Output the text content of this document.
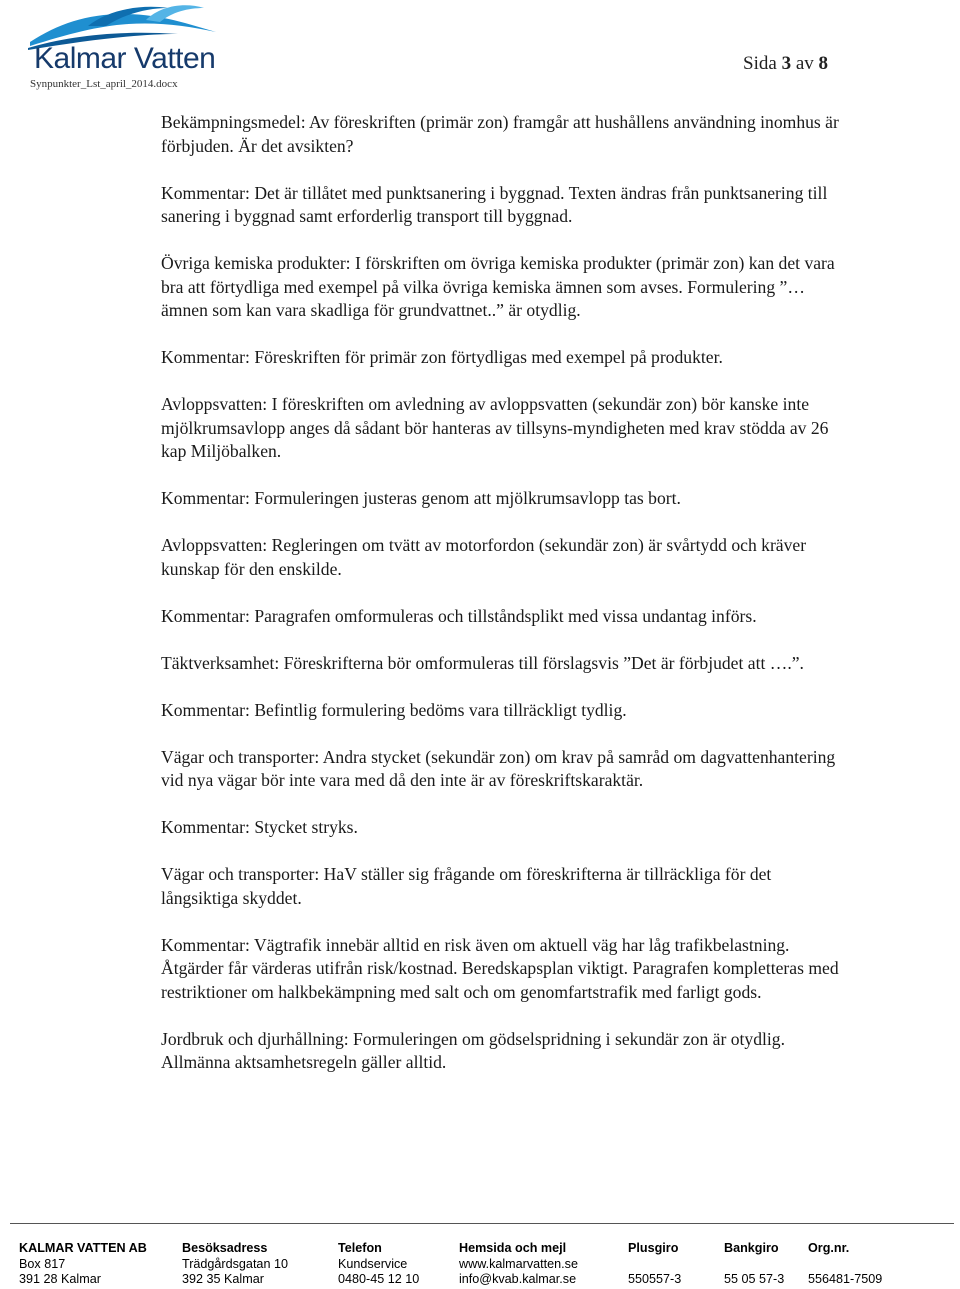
Kalmar Vatten
Synpunkter_Lst_april_2014.docx
Sida 3 av 8

Bekämpningsmedel: Av föreskriften (primär zon) framgår att hushållens användning inomhus är förbjuden. Är det avsikten?

Kommentar: Det är tillåtet med punktsanering i byggnad. Texten ändras från punktsanering till sanering i byggnad samt erforderlig transport till byggnad.

Övriga kemiska produkter: I förskriften om övriga kemiska produkter (primär zon) kan det vara bra att förtydliga med exempel på vilka övriga kemiska ämnen som avses. Formulering ”…ämnen som kan vara skadliga för grundvattnet..” är otydlig.

Kommentar: Föreskriften för primär zon förtydligas med exempel på produkter.

Avloppsvatten: I föreskriften om avledning av avloppsvatten (sekundär zon) bör kanske inte mjölkrumsavlopp anges då sådant bör hanteras av tillsyns-myndigheten med krav stödda av 26 kap Miljöbalken.

Kommentar: Formuleringen justeras genom att mjölkrumsavlopp tas bort.

Avloppsvatten: Regleringen om tvätt av motorfordon (sekundär zon) är svårtydd och kräver kunskap för den enskilde.

Kommentar: Paragrafen omformuleras och tillståndsplikt med vissa undantag införs.

Täktverksamhet: Föreskrifterna bör omformuleras till förslagsvis ”Det är förbjudet att ….”.

Kommentar: Befintlig formulering bedöms vara tillräckligt tydlig.

Vägar och transporter: Andra stycket (sekundär zon) om krav på samråd om dagvattenhantering vid nya vägar bör inte vara med då den inte är av föreskriftskaraktär.

Kommentar: Stycket stryks.

Vägar och transporter: HaV ställer sig frågande om föreskrifterna är tillräckliga för det långsiktiga skyddet.

Kommentar: Vägtrafik innebär alltid en risk även om aktuell väg har låg trafikbelastning. Åtgärder får värderas utifrån risk/kostnad. Beredskapsplan viktigt. Paragrafen kompletteras med restriktioner om halkbekämpning med salt och om genomfartstrafik med farligt gods.

Jordbruk och djurhållning: Formuleringen om gödselspridning i sekundär zon är otydlig. Allmänna aktsamhetsregeln gäller alltid.

KALMAR VATTEN AB
Box 817
391 28 Kalmar
Besöksadress
Trädgårdsgatan 10
392 35 Kalmar
Telefon
Kundservice
0480-45 12 10
Hemsida och mejl
www.kalmarvatten.se
info@kvab.kalmar.se
Plusgiro
550557-3
Bankgiro
55 05 57-3
Org.nr.
556481-7509
